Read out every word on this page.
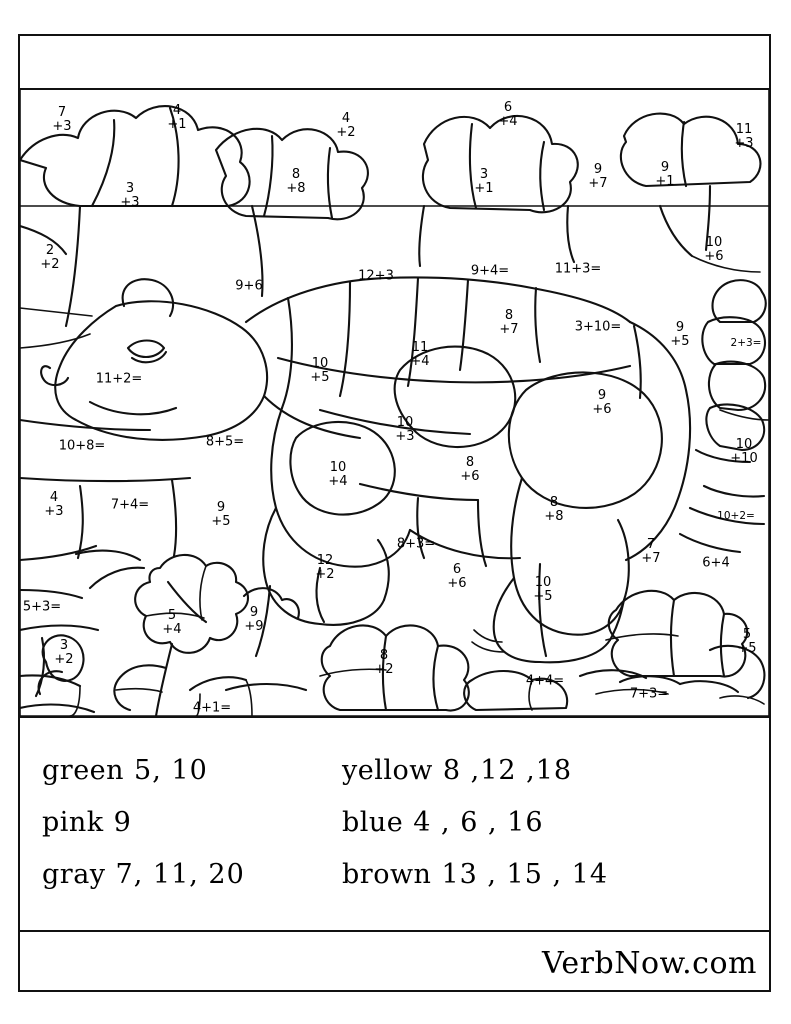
7
+3
4
+1	4
+2
6
+4
11
+3
3
+3
8
+8
3
+1
9
+7
9
+1
2
+2
10
+6
9+6
12+3	9+4=	11+3=
8
+7	3+10=	9
+5	2+3=
11
+4
10
+5
11+2=
9
+6
10
+3
10+8=	8+5=	10
+10
10
+4
8
+6
8
+8
4
+3	7+4=	9
+5	10+2=
8+3=	7
+7	6+4
12
+2	6
+6	10
+5
5+3=
5
+4
9
+9
5
+5
3
+2	8
+2
4+4=
7+3=
4+1=
green 5, 10	yellow 8 ,12 ,18
pink 9	blue 4 , 6 , 16
gray 7, 11, 20	brown 13 , 15 , 14
VerbNow.com
